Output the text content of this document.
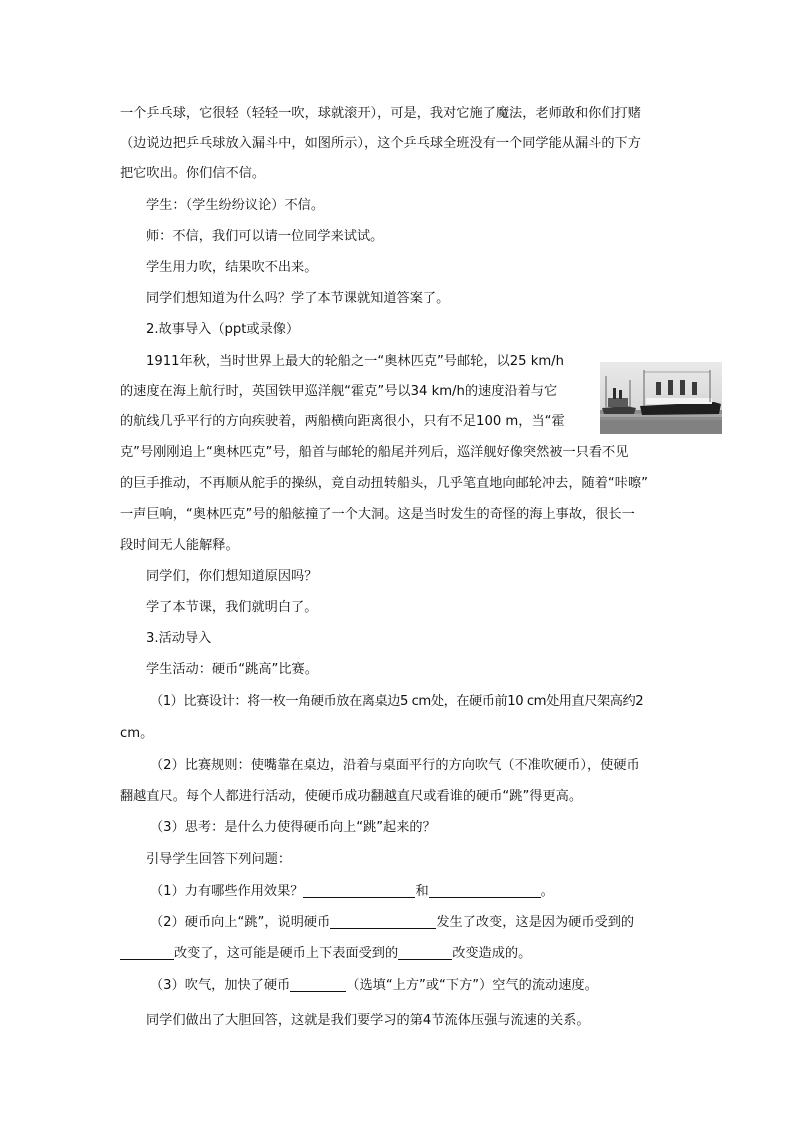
一个乒乓球，它很轻（轻轻一吹，球就滚开），可是，我对它施了魔法，老师敢和你们打赌
（边说边把乒乓球放入漏斗中，如图所示），这个乒乓球全班没有一个同学能从漏斗的下方
把它吹出。你们信不信。
学生：（学生纷纷议论）不信。
师：不信，我们可以请一位同学来试试。
学生用力吹，结果吹不出来。
同学们想知道为什么吗？学了本节课就知道答案了。
2.故事导入（ppt或录像）
1911年秋，当时世界上最大的轮船之一“奥林匹克”号邮轮，以25 km/h
的速度在海上航行时，英国铁甲巡洋舰“霍克”号以34 km/h的速度沿着与它
的航线几乎平行的方向疾驶着，两船横向距离很小，只有不足100 m，当“霍
克”号刚刚追上“奥林匹克”号，船首与邮轮的船尾并列后，巡洋舰好像突然被一只看不见
的巨手推动，不再顺从舵手的操纵，竟自动扭转船头，几乎笔直地向邮轮冲去，随着“咔嚓”
一声巨响，“奥林匹克”号的船舷撞了一个大洞。这是当时发生的奇怪的海上事故，很长一
段时间无人能解释。
同学们，你们想知道原因吗？
学了本节课，我们就明白了。
3.活动导入
学生活动：硬币“跳高”比赛。
（1）比赛设计：将一枚一角硬币放在离桌边5 cm处，在硬币前10 cm处用直尺架高约2
cm。
（2）比赛规则：使嘴靠在桌边，沿着与桌面平行的方向吹气（不准吹硬币），使硬币
翻越直尺。每个人都进行活动，使硬币成功翻越直尺或看谁的硬币“跳”得更高。
（3）思考：是什么力使得硬币向上“跳”起来的？
引导学生回答下列问题：
（1）力有哪些作用效果？	和	。
（2）硬币向上“跳”，说明硬币	发生了改变，这是因为硬币受到的
改变了，这可能是硬币上下表面受到的	改变造成的。
（3）吹气，加快了硬币	（选填“上方”或“下方”）空气的流动速度。
同学们做出了大胆回答，这就是我们要学习的第4节流体压强与流速的关系。
